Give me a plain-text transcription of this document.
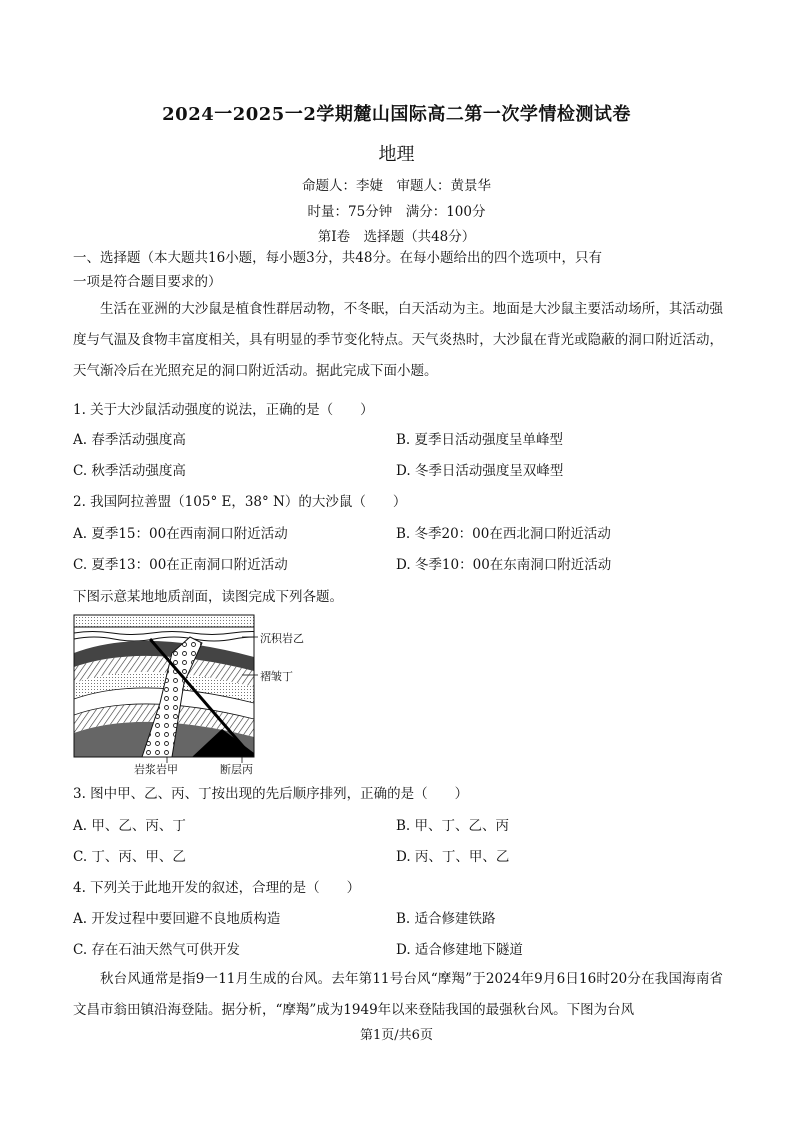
2024一2025一2学期麓山国际高二第一次学情检测试卷
地理
命题人：李婕　审题人：黄景华
时量：75分钟　满分：100分
第I卷　选择题（共48分）
一、选择题（本大题共16小题，每小题3分，共48分。在每小题给出的四个选项中，只有
一项是符合题目要求的）
生活在亚洲的大沙鼠是植食性群居动物，不冬眠，白天活动为主。地面是大沙鼠主要活动场所，其活动强度与气温及食物丰富度相关，具有明显的季节变化特点。天气炎热时，大沙鼠在背光或隐蔽的洞口附近活动，天气渐冷后在光照充足的洞口附近活动。据此完成下面小题。
1. 关于大沙鼠活动强度的说法，正确的是（　　）
A. 春季活动强度高	B. 夏季日活动强度呈单峰型
C. 秋季活动强度高	D. 冬季日活动强度呈双峰型
2. 我国阿拉善盟（105° E，38° N）的大沙鼠（　　）
A. 夏季15：00在西南洞口附近活动	B. 冬季20：00在西北洞口附近活动
C. 夏季13：00在正南洞口附近活动	D. 冬季10：00在东南洞口附近活动
下图示意某地地质剖面，读图完成下列各题。
沉积岩乙
褶皱丁
岩浆岩甲	断层丙
3. 图中甲、乙、丙、丁按出现的先后顺序排列，正确的是（　　）
A. 甲、乙、丙、丁	B. 甲、丁、乙、丙
C. 丁、丙、甲、乙	D. 丙、丁、甲、乙
4. 下列关于此地开发的叙述，合理的是（　　）
A. 开发过程中要回避不良地质构造	B. 适合修建铁路
C. 存在石油天然气可供开发	D. 适合修建地下隧道
秋台风通常是指9一11月生成的台风。去年第11号台风“摩羯”于2024年9月6日16时20分在我国海南省文昌市翁田镇沿海登陆。据分析，“摩羯”成为1949年以来登陆我国的最强秋台风。下图为台风
第1页/共6页
